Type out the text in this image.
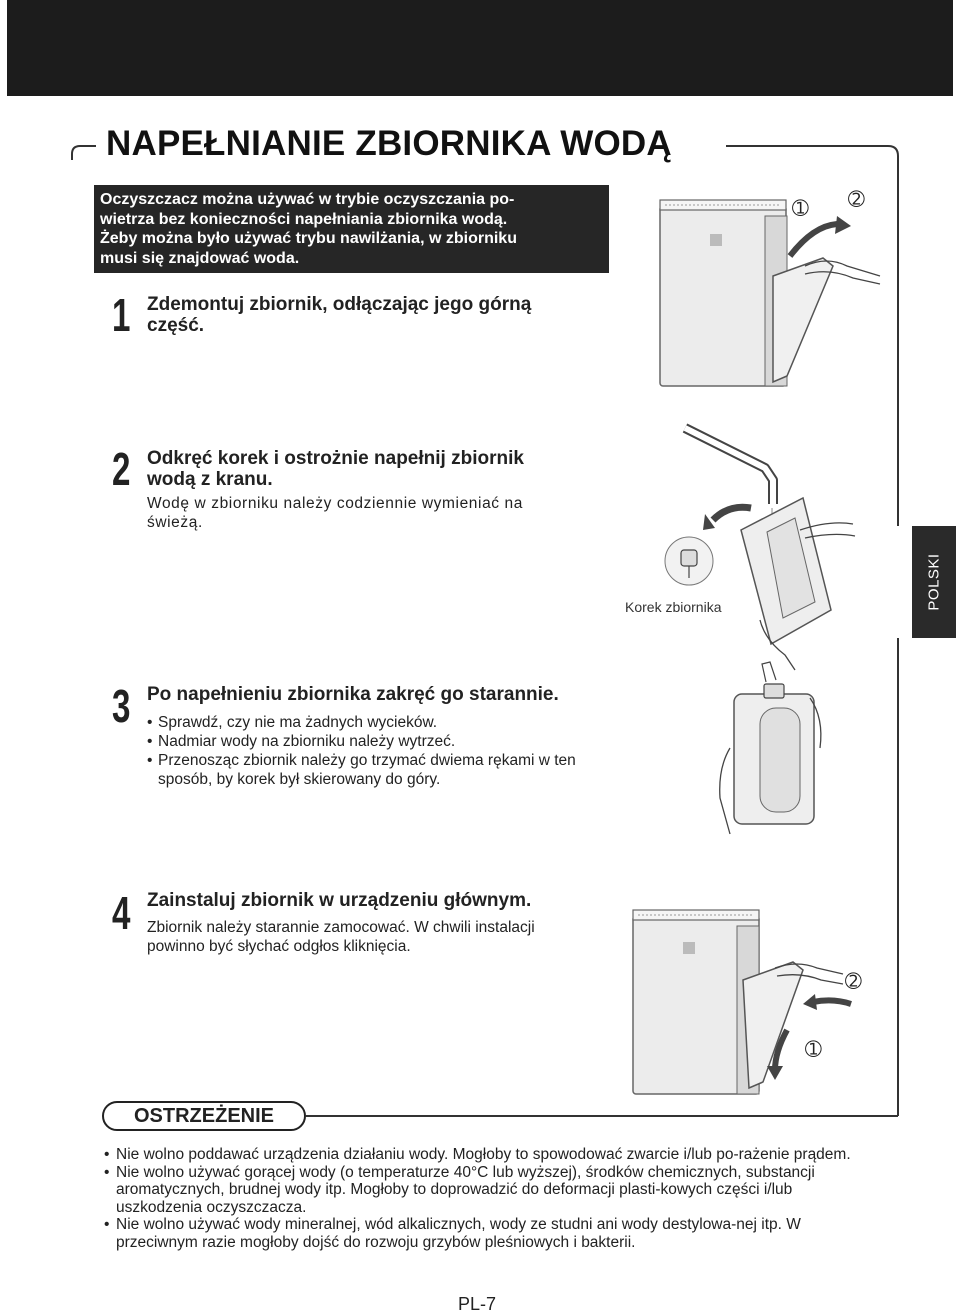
NAPEŁNIANIE ZBIORNIKA WODĄ
Oczyszczacz można używać w trybie oczyszczania po-
wietrza bez konieczności napełniania zbiornika wodą.
Żeby można było używać trybu nawilżania, w zbiorniku
musi się znajdować woda.
1 Zdemontuj zbiornik, odłączając jego górną
część.
➀ ➁
2 Odkręć korek i ostrożnie napełnij zbiornik
wodą z kranu.
Wodę w zbiorniku należy codziennie wymieniać na
świeżą.
Korek zbiornika	POLSKI
3 Po napełnieniu zbiornika zakręć go starannie.
• Sprawdź, czy nie ma żadnych wycieków.
• Nadmiar wody na zbiorniku należy wytrzeć.
• Przenosząc zbiornik należy go trzymać dwiema rękami w ten sposób, by korek był skierowany do góry.
4 Zainstaluj zbiornik w urządzeniu głównym.
Zbiornik należy starannie zamocować. W chwili instalacji
powinno być słychać odgłos kliknięcia.
➁
➀
OSTRZEŻENIE
• Nie wolno poddawać urządzenia działaniu wody. Mogłoby to spowodować zwarcie i/lub po-rażenie prądem.
• Nie wolno używać gorącej wody (o temperaturze 40°C lub wyższej), środków chemicznych, substancji aromatycznych, brudnej wody itp. Mogłoby to doprowadzić do deformacji plasti-kowych części i/lub uszkodzenia oczyszczacza.
• Nie wolno używać wody mineralnej, wód alkalicznych, wody ze studni ani wody destylowa-nej itp. W przeciwnym razie mogłoby dojść do rozwoju grzybów pleśniowych i bakterii.
PL-7
